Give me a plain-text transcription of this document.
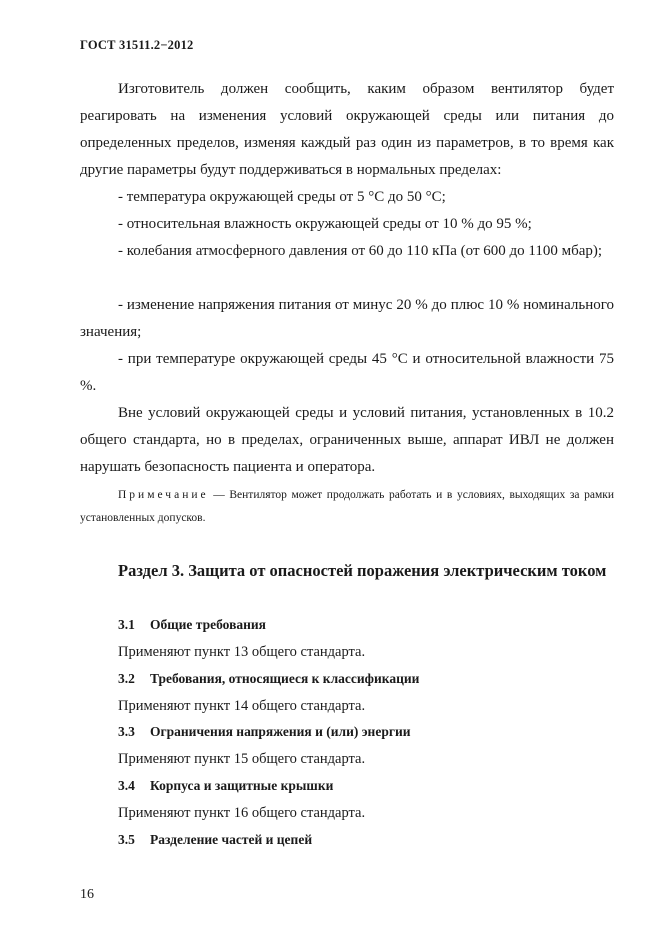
ГОСТ 31511.2−2012

Изготовитель должен сообщить, каким образом вентилятор будет реагировать на изменения условий окружающей среды или питания до определенных пределов, изменяя каждый раз один из параметров, в то время как другие параметры будут поддерживаться в нормальных пределах:

- температура окружающей среды от 5 °С до 50 °С;

- относительная влажность окружающей среды от 10 % до 95 %;

- колебания атмосферного давления от 60 до 110 кПа (от 600 до 1100 мбар);

- изменение напряжения питания от минус 20 % до плюс 10 % номинального значения;

- при температуре окружающей среды 45 °С и относительной влажности 75 %.

Вне условий окружающей среды и условий питания, установленных в 10.2 общего стандарта, но в пределах, ограниченных выше, аппарат ИВЛ не должен нарушать безопасность пациента и оператора.

Примечание — Вентилятор может продолжать работать и в условиях, выходящих за рамки установленных допусков.

Раздел 3. Защита от опасностей поражения электрическим током
3.1 Общие требования
Применяют пункт 13 общего стандарта.
3.2 Требования, относящиеся к классификации
Применяют пункт 14 общего стандарта.
3.3 Ограничения напряжения и (или) энергии
Применяют пункт 15 общего стандарта.
3.4 Корпуса и защитные крышки
Применяют пункт 16 общего стандарта.
3.5 Разделение частей и цепей
16
